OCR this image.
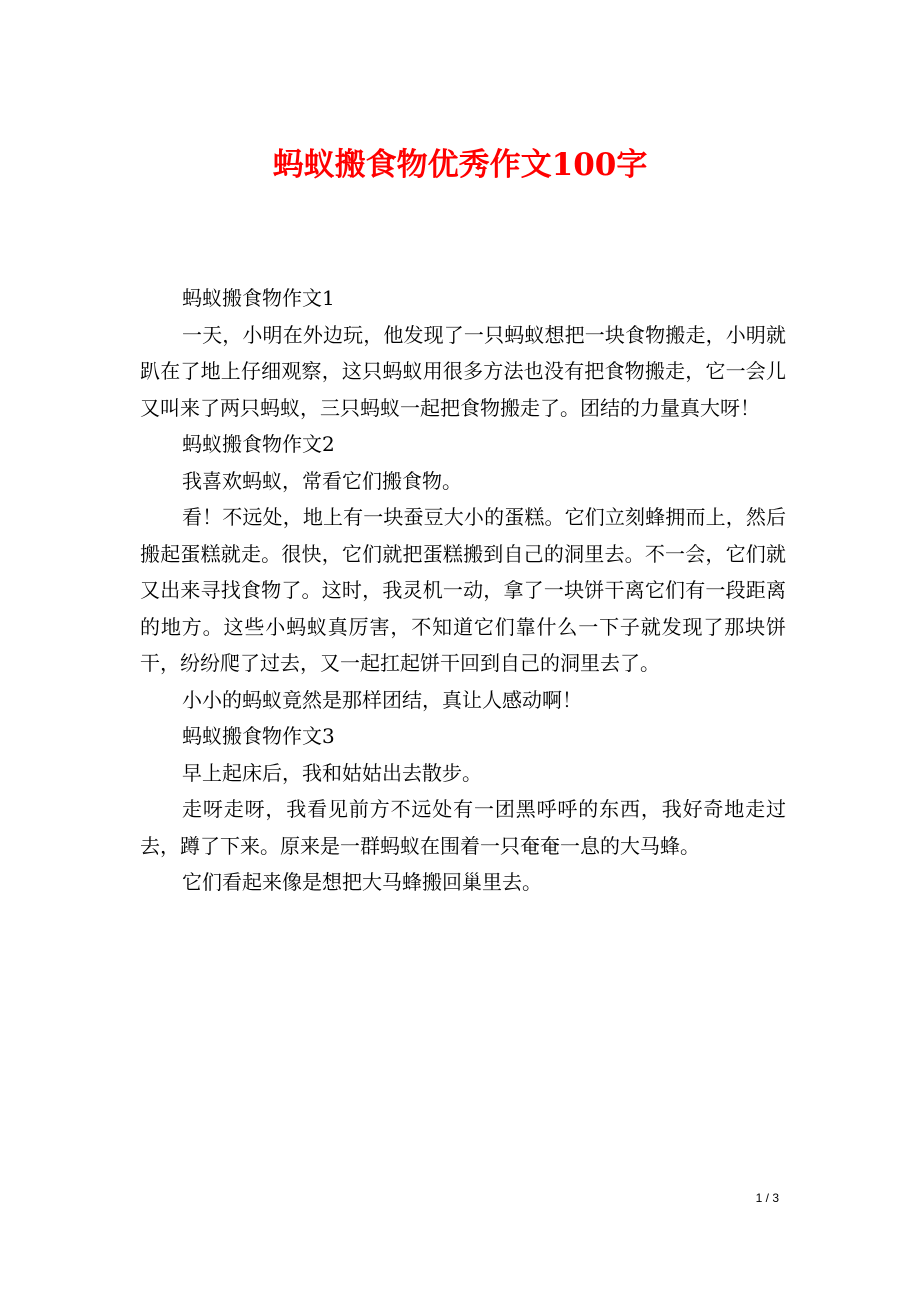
蚂蚁搬食物优秀作文100字

蚂蚁搬食物作文1

一天，小明在外边玩，他发现了一只蚂蚁想把一块食物搬走，小明就趴在了地上仔细观察，这只蚂蚁用很多方法也没有把食物搬走，它一会儿又叫来了两只蚂蚁，三只蚂蚁一起把食物搬走了。团结的力量真大呀！

蚂蚁搬食物作文2

我喜欢蚂蚁，常看它们搬食物。

看！不远处，地上有一块蚕豆大小的蛋糕。它们立刻蜂拥而上，然后搬起蛋糕就走。很快，它们就把蛋糕搬到自己的洞里去。不一会，它们就又出来寻找食物了。这时，我灵机一动，拿了一块饼干离它们有一段距离的地方。这些小蚂蚁真厉害，不知道它们靠什么一下子就发现了那块饼干，纷纷爬了过去，又一起扛起饼干回到自己的洞里去了。

小小的蚂蚁竟然是那样团结，真让人感动啊！

蚂蚁搬食物作文3

早上起床后，我和姑姑出去散步。

走呀走呀，我看见前方不远处有一团黑呼呼的东西，我好奇地走过去，蹲了下来。原来是一群蚂蚁在围着一只奄奄一息的大马蜂。

它们看起来像是想把大马蜂搬回巢里去。

1 / 3
